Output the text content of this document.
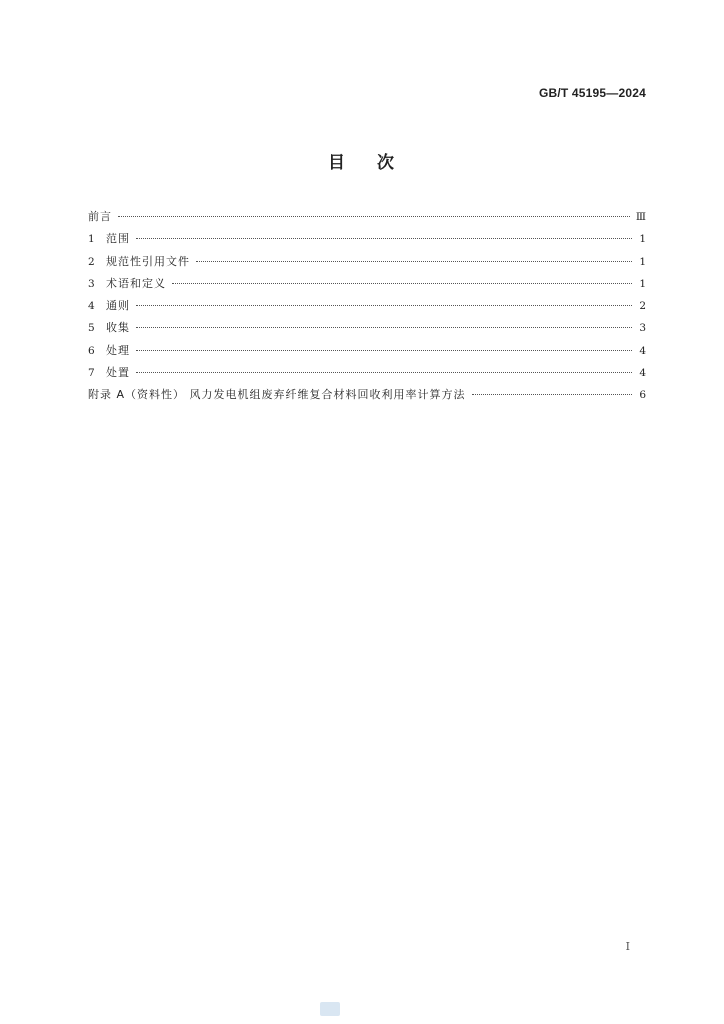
GB/T 45195—2024
目 次
前言	Ⅲ
1	范围	1
2	规范性引用文件	1
3	术语和定义	1
4	通则	2
5	收集	3
6	处理	4
7	处置	4
附录 A（资料性） 风力发电机组废弃纤维复合材料回收利用率计算方法	6
I
